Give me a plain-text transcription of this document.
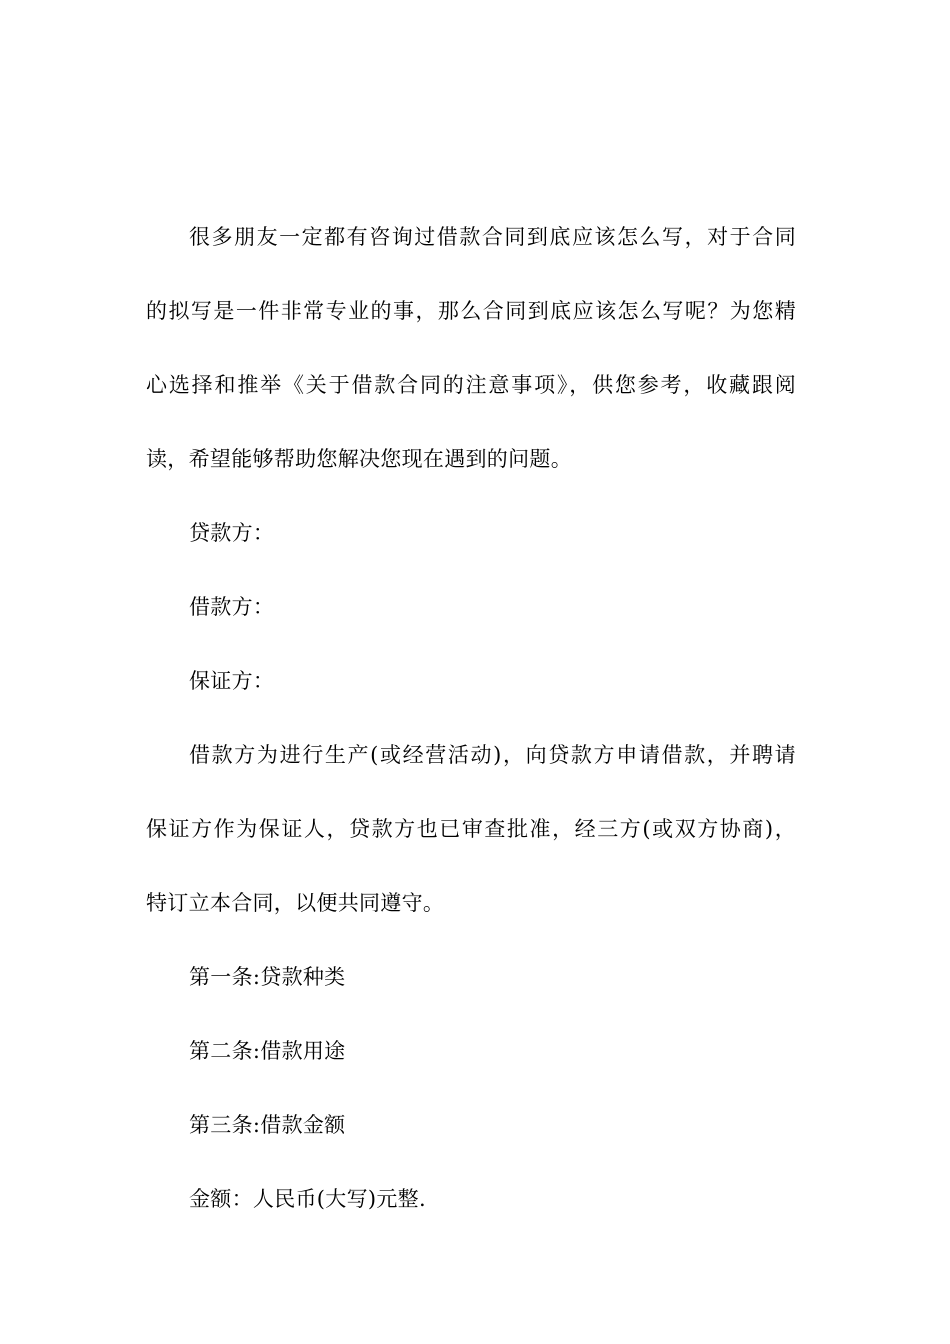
很多朋友一定都有咨询过借款合同到底应该怎么写，对于合同
的拟写是一件非常专业的事，那么合同到底应该怎么写呢？为您精
心选择和推举《关于借款合同的注意事项》，供您参考，收藏跟阅
读，希望能够帮助您解决您现在遇到的问题。

贷款方：

借款方：

保证方：

借款方为进行生产(或经营活动)，向贷款方申请借款，并聘请
保证方作为保证人，贷款方也已审查批准，经三方(或双方协商)，
特订立本合同，以便共同遵守。

第一条:贷款种类

第二条:借款用途

第三条:借款金额

金额：人民币(大写)元整.
